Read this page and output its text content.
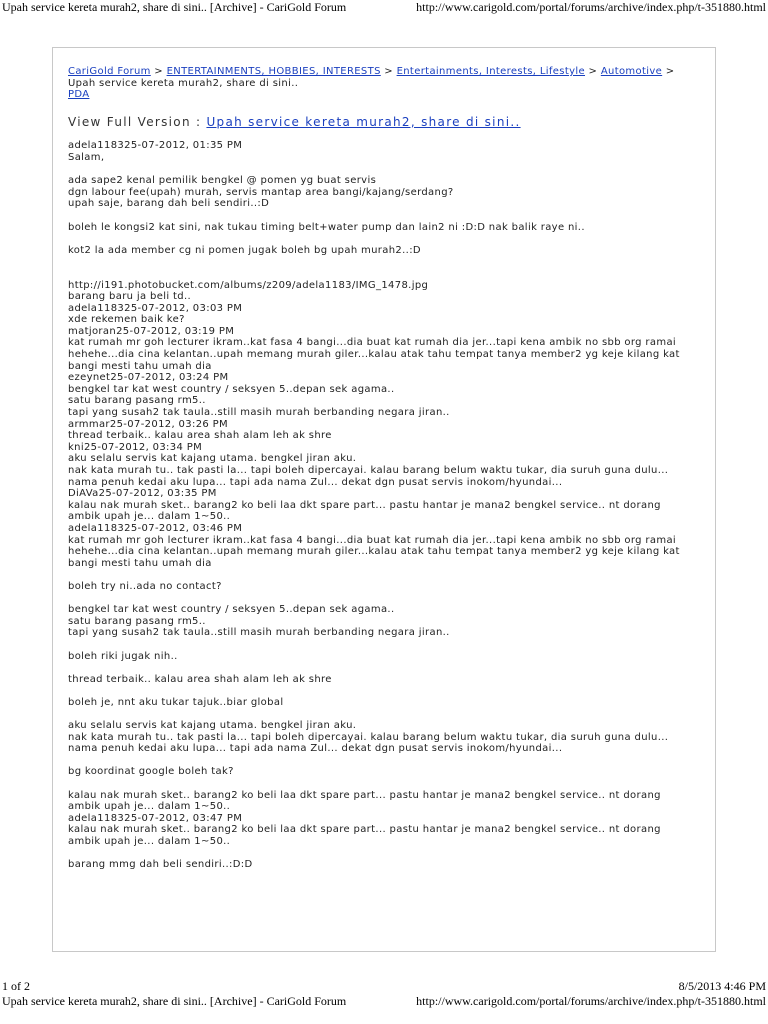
Upah service kereta murah2, share di sini.. [Archive] - CariGold Forum	http://www.carigold.com/portal/forums/archive/index.php/t-351880.html
CariGold Forum > ENTERTAINMENTS, HOBBIES, INTERESTS > Entertainments, Interests, Lifestyle > Automotive >
Upah service kereta murah2, share di sini..
PDA
View Full Version : Upah service kereta murah2, share di sini..
adela118325-07-2012, 01:35 PM
Salam,
ada sape2 kenal pemilik bengkel @ pomen yg buat servis
dgn labour fee(upah) murah, servis mantap area bangi/kajang/serdang?
upah saje, barang dah beli sendiri..:D
boleh le kongsi2 kat sini, nak tukau timing belt+water pump dan lain2 ni :D:D nak balik raye ni..
kot2 la ada member cg ni pomen jugak boleh bg upah murah2..:D
http://i191.photobucket.com/albums/z209/adela1183/IMG_1478.jpg
barang baru ja beli td..
adela118325-07-2012, 03:03 PM
xde rekemen baik ke?
matjoran25-07-2012, 03:19 PM
kat rumah mr goh lecturer ikram..kat fasa 4 bangi...dia buat kat rumah dia jer...tapi kena ambik no sbb org ramai
hehehe...dia cina kelantan..upah memang murah giler...kalau atak tahu tempat tanya member2 yg keje kilang kat
bangi mesti tahu umah dia
ezeynet25-07-2012, 03:24 PM
bengkel tar kat west country / seksyen 5..depan sek agama..
satu barang pasang rm5..
tapi yang susah2 tak taula..still masih murah berbanding negara jiran..
armmar25-07-2012, 03:26 PM
thread terbaik.. kalau area shah alam leh ak shre
kni25-07-2012, 03:34 PM
aku selalu servis kat kajang utama. bengkel jiran aku.
nak kata murah tu.. tak pasti la... tapi boleh dipercayai. kalau barang belum waktu tukar, dia suruh guna dulu...
nama penuh kedai aku lupa... tapi ada nama Zul... dekat dgn pusat servis inokom/hyundai...
DiAVa25-07-2012, 03:35 PM
kalau nak murah sket.. barang2 ko beli laa dkt spare part... pastu hantar je mana2 bengkel service.. nt dorang
ambik upah je... dalam 1~50..
adela118325-07-2012, 03:46 PM
kat rumah mr goh lecturer ikram..kat fasa 4 bangi...dia buat kat rumah dia jer...tapi kena ambik no sbb org ramai
hehehe...dia cina kelantan..upah memang murah giler...kalau atak tahu tempat tanya member2 yg keje kilang kat
bangi mesti tahu umah dia
boleh try ni..ada no contact?
bengkel tar kat west country / seksyen 5..depan sek agama..
satu barang pasang rm5..
tapi yang susah2 tak taula..still masih murah berbanding negara jiran..
boleh riki jugak nih..
thread terbaik.. kalau area shah alam leh ak shre
boleh je, nnt aku tukar tajuk..biar global
aku selalu servis kat kajang utama. bengkel jiran aku.
nak kata murah tu.. tak pasti la... tapi boleh dipercayai. kalau barang belum waktu tukar, dia suruh guna dulu...
nama penuh kedai aku lupa... tapi ada nama Zul... dekat dgn pusat servis inokom/hyundai...
bg koordinat google boleh tak?
kalau nak murah sket.. barang2 ko beli laa dkt spare part... pastu hantar je mana2 bengkel service.. nt dorang
ambik upah je... dalam 1~50..
adela118325-07-2012, 03:47 PM
kalau nak murah sket.. barang2 ko beli laa dkt spare part... pastu hantar je mana2 bengkel service.. nt dorang
ambik upah je... dalam 1~50..
barang mmg dah beli sendiri..:D:D
1 of 2	8/5/2013 4:46 PM
Upah service kereta murah2, share di sini.. [Archive] - CariGold Forum	http://www.carigold.com/portal/forums/archive/index.php/t-351880.html
